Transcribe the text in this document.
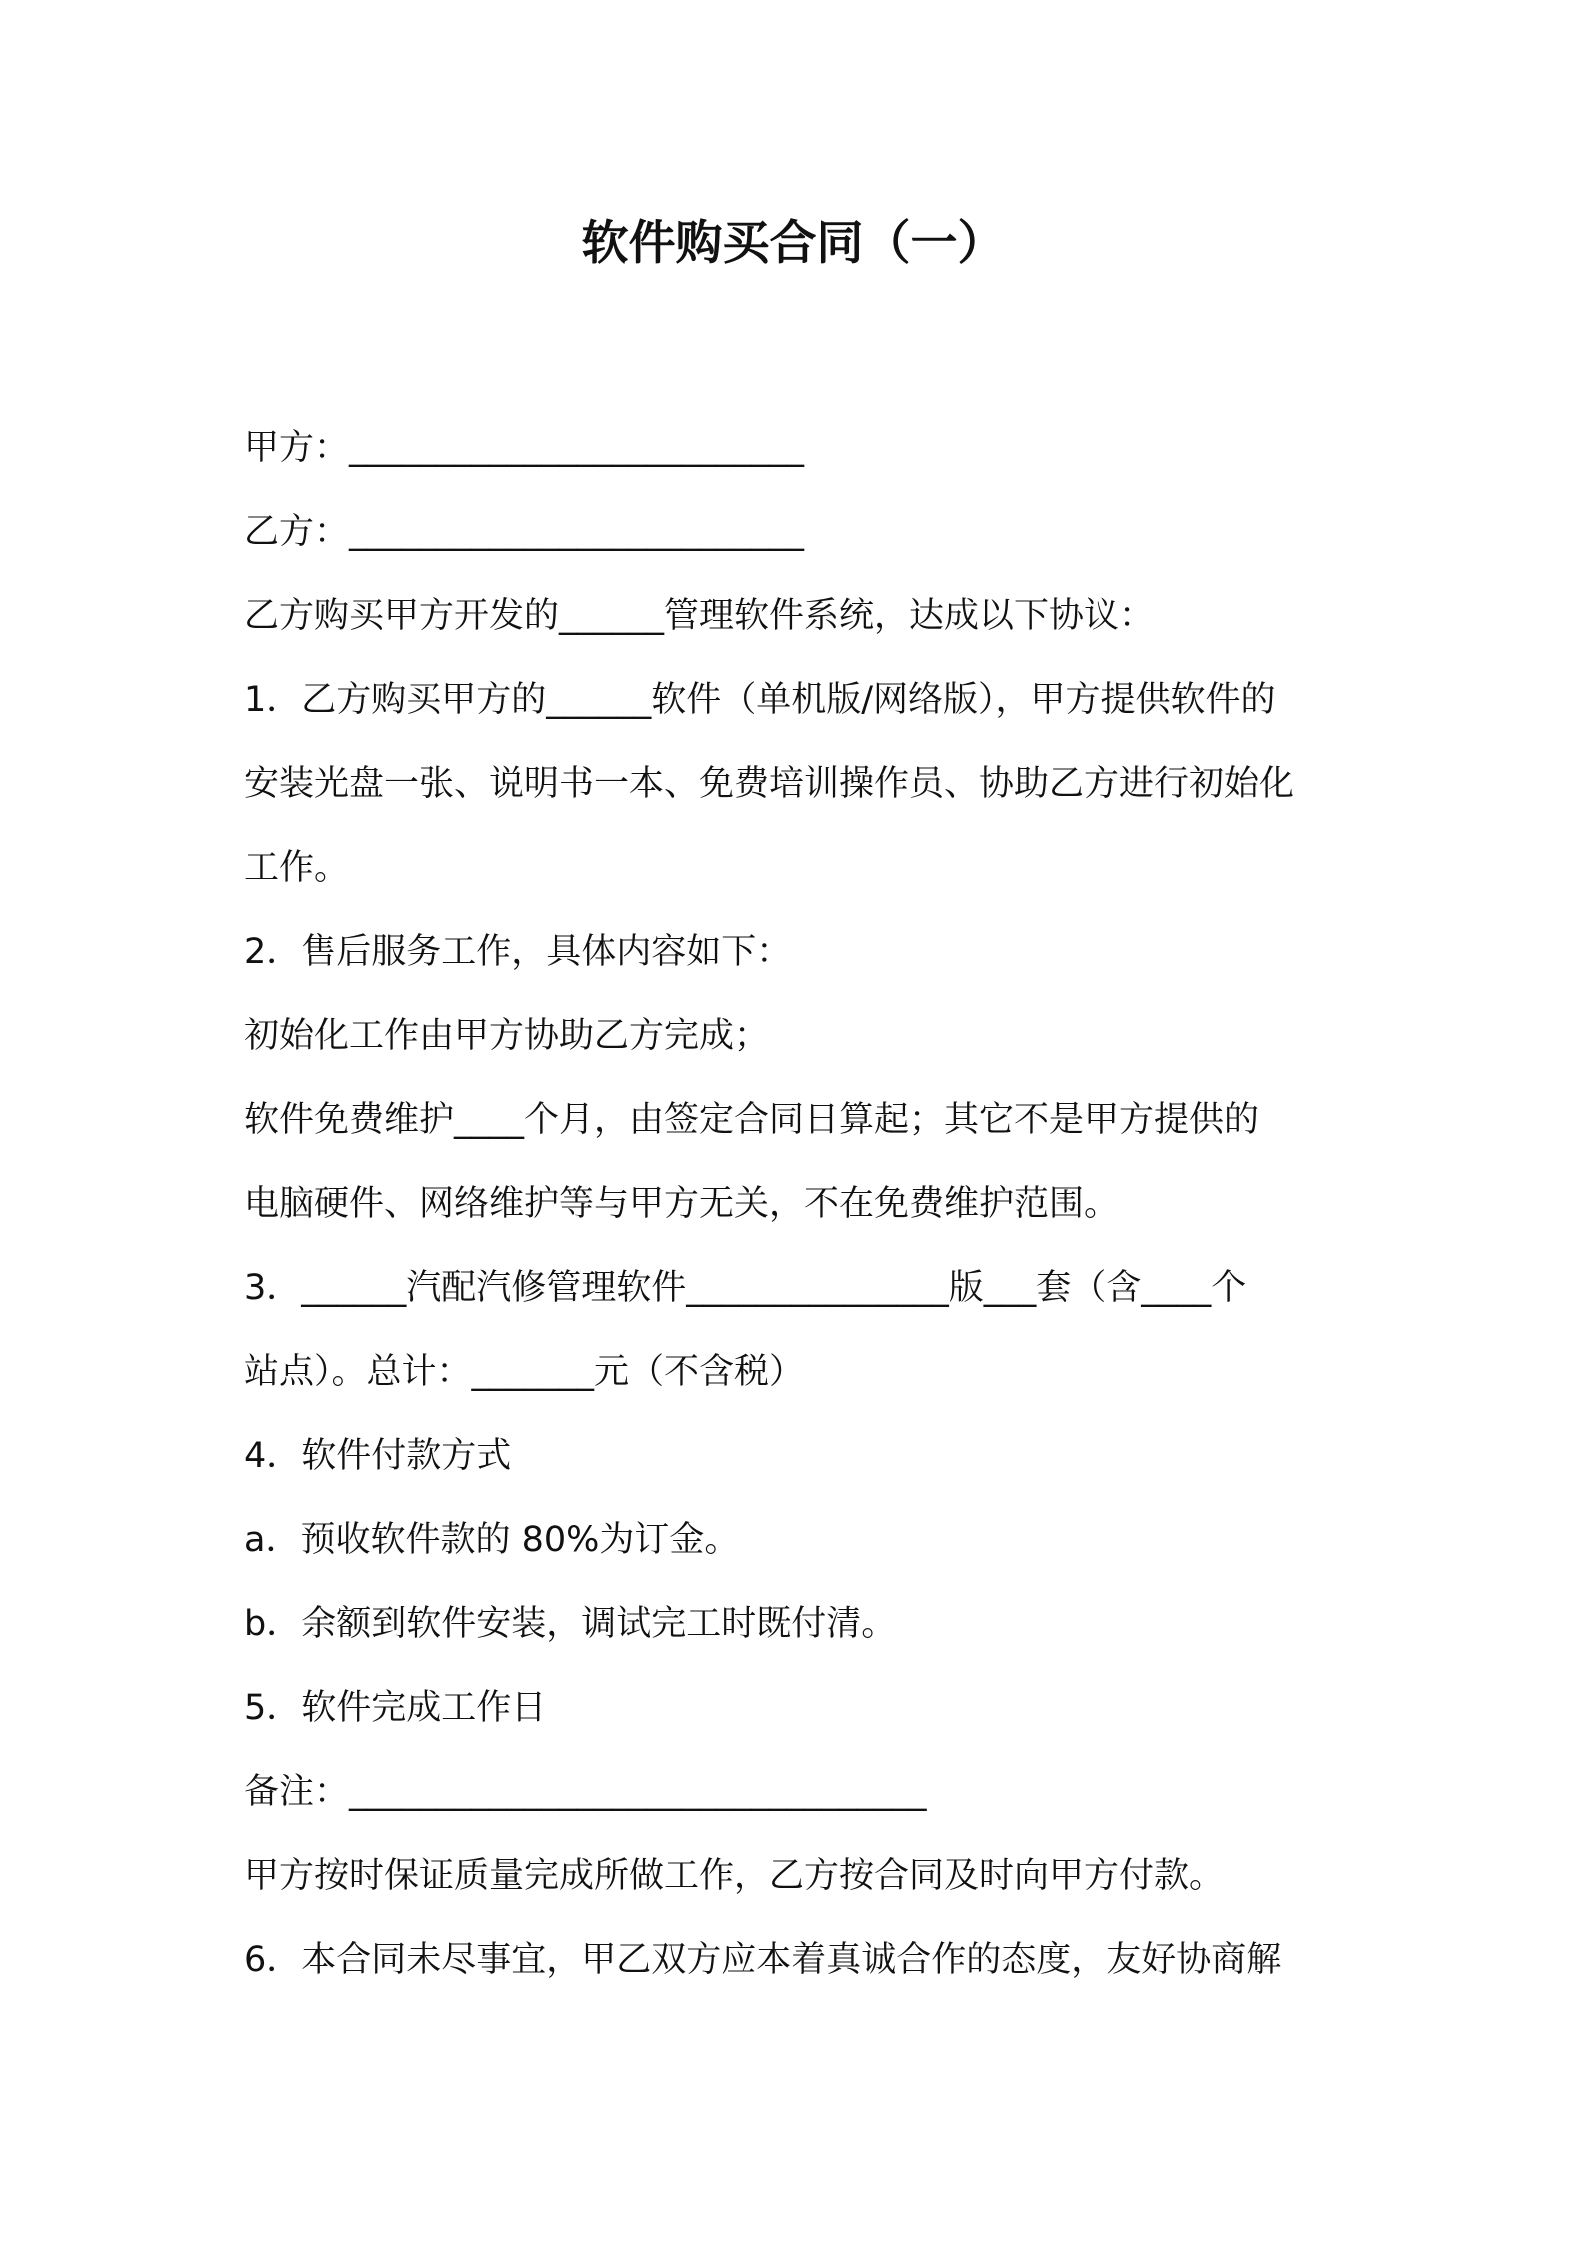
软件购买合同（一）
甲方：__________________________
乙方：__________________________
乙方购买甲方开发的______管理软件系统，达成以下协议：
1．乙方购买甲方的______软件（单机版/网络版），甲方提供软件的
安装光盘一张、说明书一本、免费培训操作员、协助乙方进行初始化
工作。
2．售后服务工作，具体内容如下：
初始化工作由甲方协助乙方完成；
软件免费维护____个月，由签定合同日算起；其它不是甲方提供的
电脑硬件、网络维护等与甲方无关，不在免费维护范围。
3．______汽配汽修管理软件_______________版___套（含____个
站点）。总计：_______元（不含税）
4．软件付款方式
a．预收软件款的 80%为订金。
b．余额到软件安装，调试完工时既付清。
5．软件完成工作日
备注：_________________________________
甲方按时保证质量完成所做工作，乙方按合同及时向甲方付款。
6．本合同未尽事宜，甲乙双方应本着真诚合作的态度，友好协商解
